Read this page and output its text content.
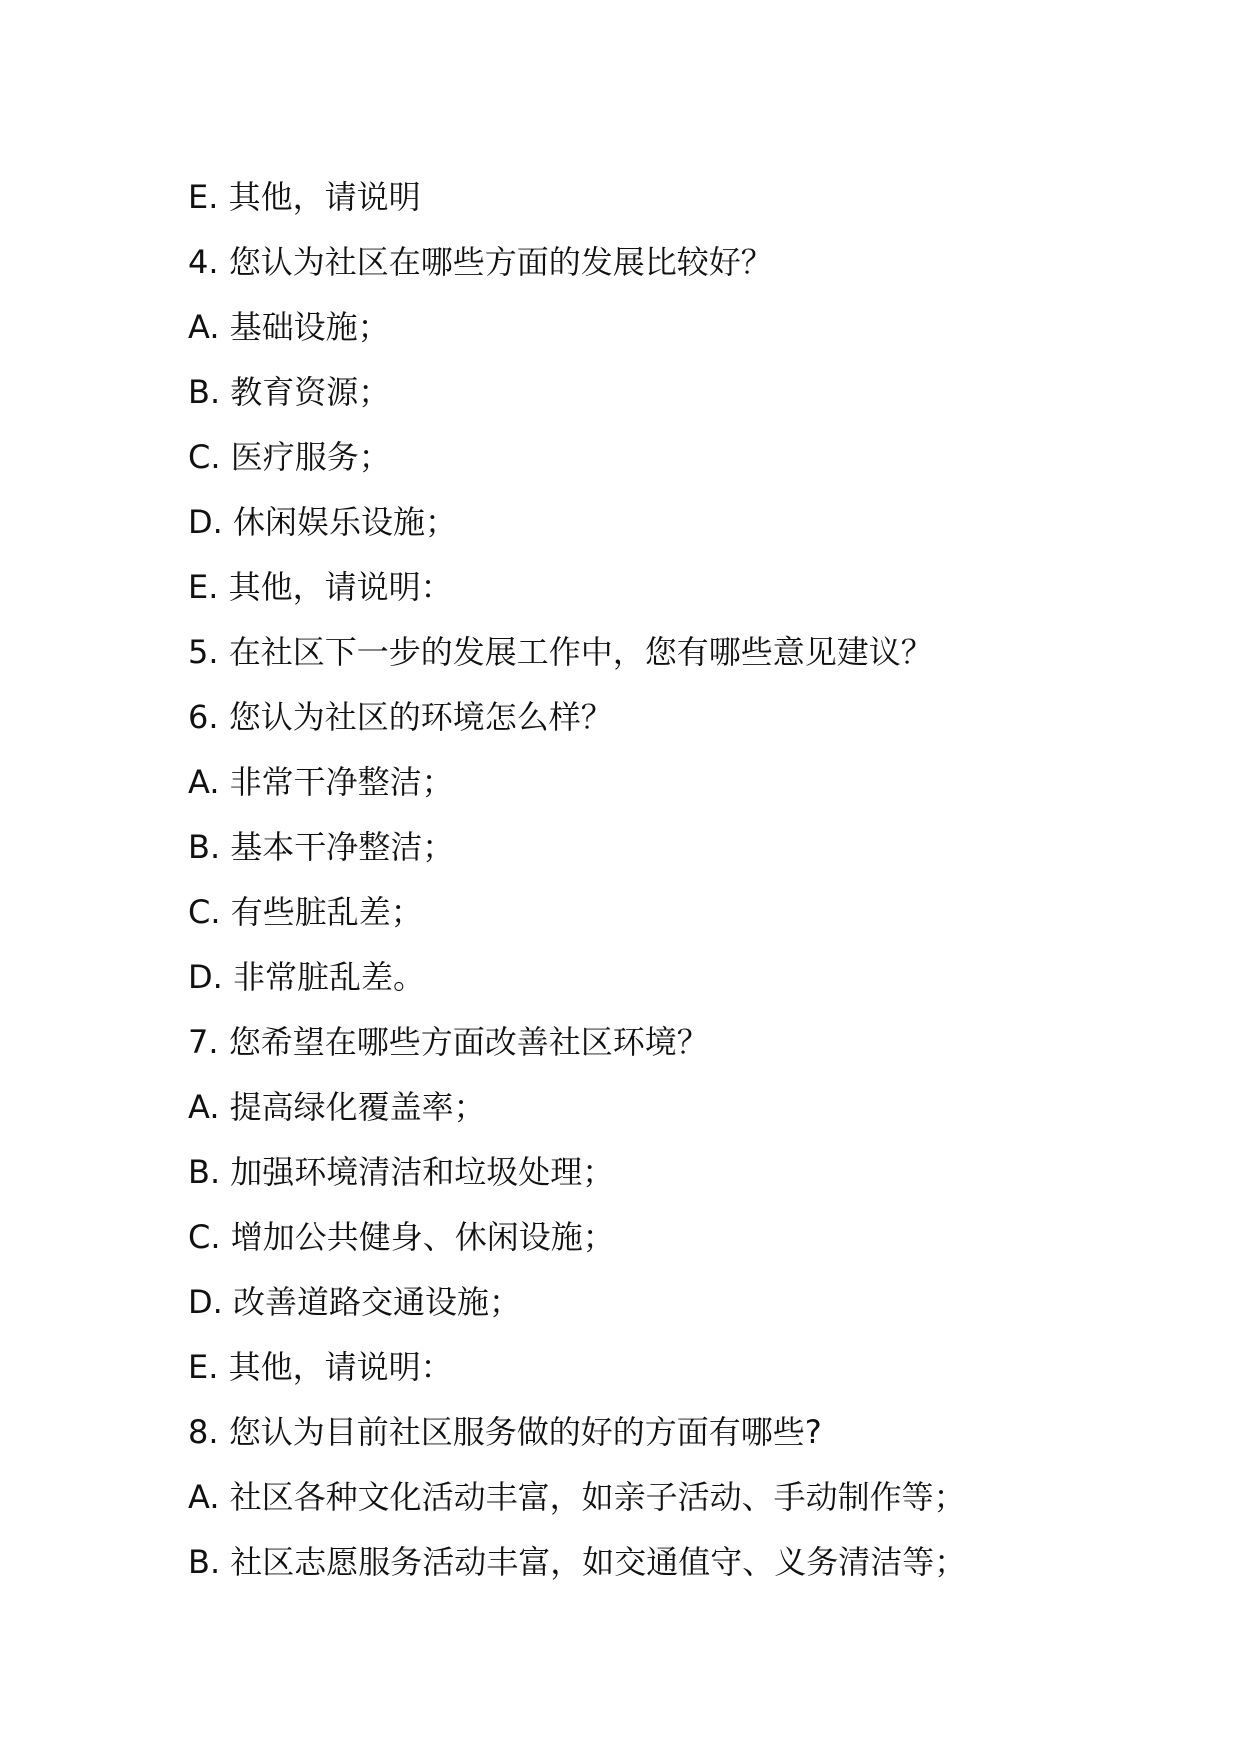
E. 其他，请说明
4. 您认为社区在哪些方面的发展比较好？
A. 基础设施；
B. 教育资源；
C. 医疗服务；
D. 休闲娱乐设施；
E. 其他，请说明：
5. 在社区下一步的发展工作中，您有哪些意见建议？
6. 您认为社区的环境怎么样？
A. 非常干净整洁；
B. 基本干净整洁；
C. 有些脏乱差；
D. 非常脏乱差。
7. 您希望在哪些方面改善社区环境？
A. 提高绿化覆盖率；
B. 加强环境清洁和垃圾处理；
C. 增加公共健身、休闲设施；
D. 改善道路交通设施；
E. 其他，请说明：
8. 您认为目前社区服务做的好的方面有哪些?
A. 社区各种文化活动丰富，如亲子活动、手动制作等；
B. 社区志愿服务活动丰富，如交通值守、义务清洁等；
